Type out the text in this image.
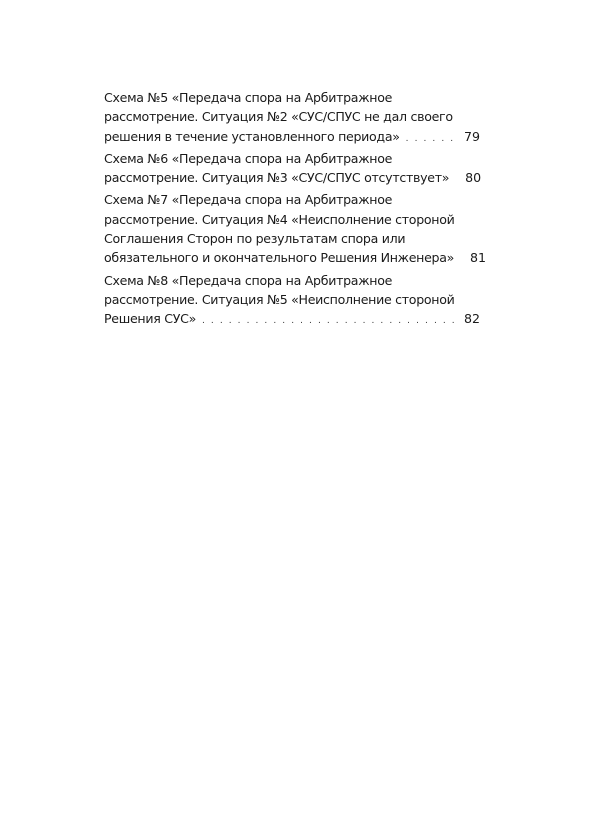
Схема №5 «Передача спора на Арбитражное
рассмотрение. Ситуация №2 «СУС/СПУС не дал своего
решения в течение установленного периода» . . .	79
Схема №6 «Передача спора на Арбитражное
рассмотрение. Ситуация №3 «СУС/СПУС отсутствует» 80
Схема №7 «Передача спора на Арбитражное
рассмотрение. Ситуация №4 «Неисполнение стороной
Соглашения Сторон по результатам спора или
обязательного и окончательного Решения Инженера» 81
Схема №8 «Передача спора на Арбитражное
рассмотрение. Ситуация №5 «Неисполнение стороной
Решения СУС» . . .	82
